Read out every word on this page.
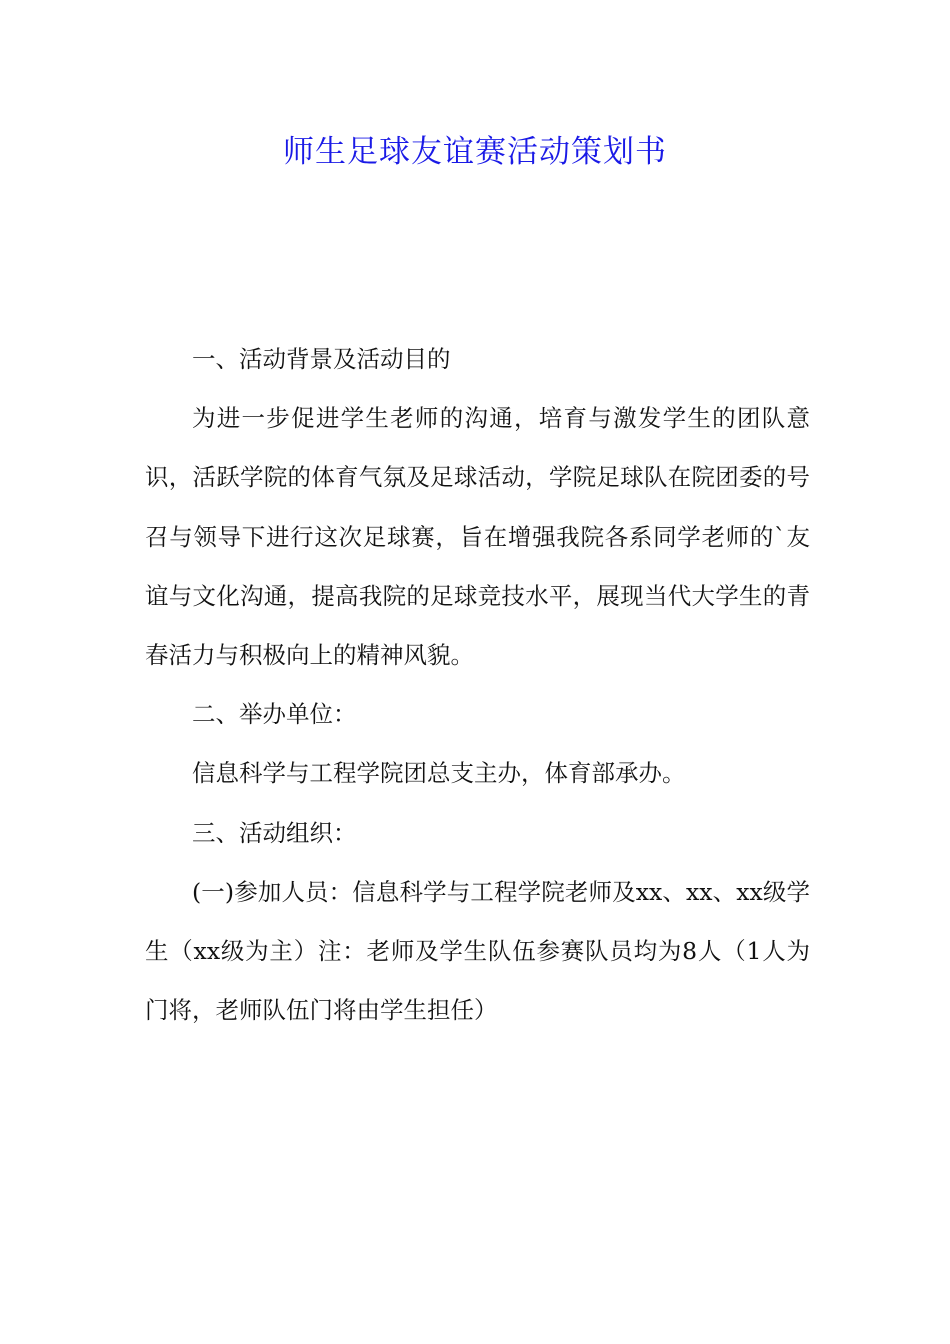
师生足球友谊赛活动策划书

一、活动背景及活动目的

为进一步促进学生老师的沟通，培育与激发学生的团队意识，活跃学院的体育气氛及足球活动，学院足球队在院团委的号召与领导下进行这次足球赛，旨在增强我院各系同学老师的`友谊与文化沟通，提高我院的足球竞技水平，展现当代大学生的青春活力与积极向上的精神风貌。

二、举办单位：

信息科学与工程学院团总支主办，体育部承办。

三、活动组织：

(一)参加人员：信息科学与工程学院老师及xx、xx、xx级学生（xx级为主）注：老师及学生队伍参赛队员均为8人（1人为门将，老师队伍门将由学生担任）
